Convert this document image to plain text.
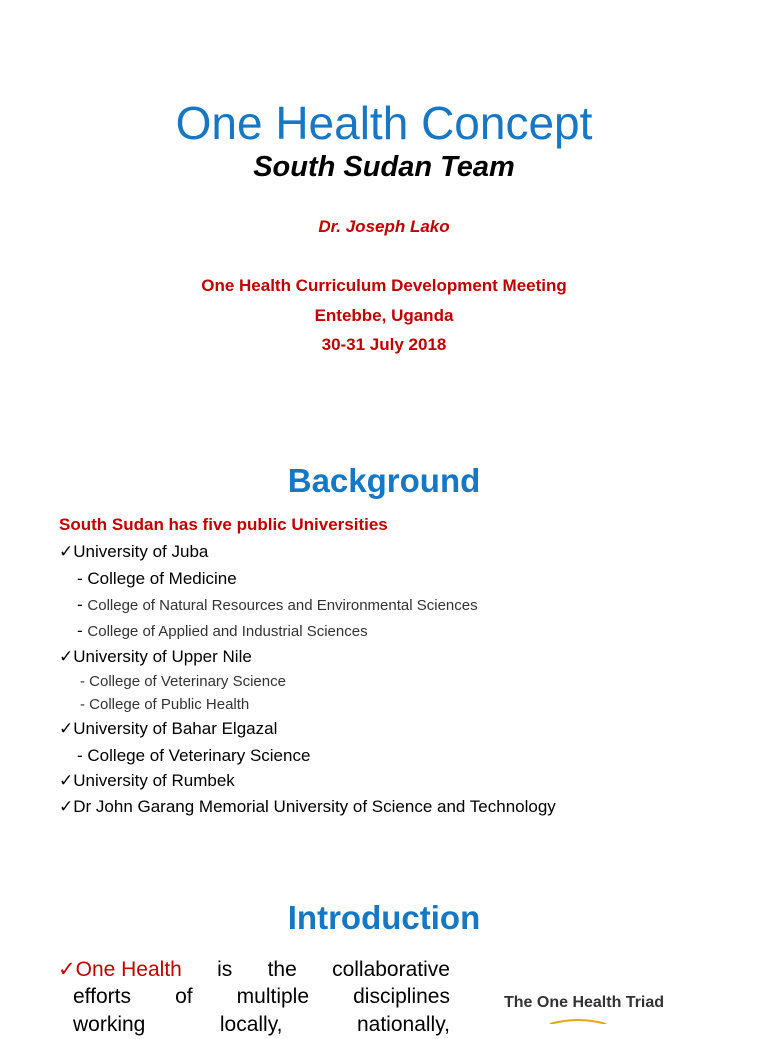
One Health Concept
South Sudan Team
Dr. Joseph Lako
One Health Curriculum Development Meeting
Entebbe, Uganda
30-31 July 2018
Background
South Sudan has five public Universities
✓University of Juba
- College of Medicine
- College of Natural Resources and Environmental Sciences
- College of Applied and Industrial Sciences
✓University of Upper Nile
- College of Veterinary Science
- College of Public Health
✓University of Bahar Elgazal
- College of Veterinary Science
✓University of Rumbek
✓Dr John Garang Memorial University of Science and Technology
Introduction
✓One Health is the collaborative
efforts of multiple disciplines
working	locally,	nationally,
The One Health Triad
